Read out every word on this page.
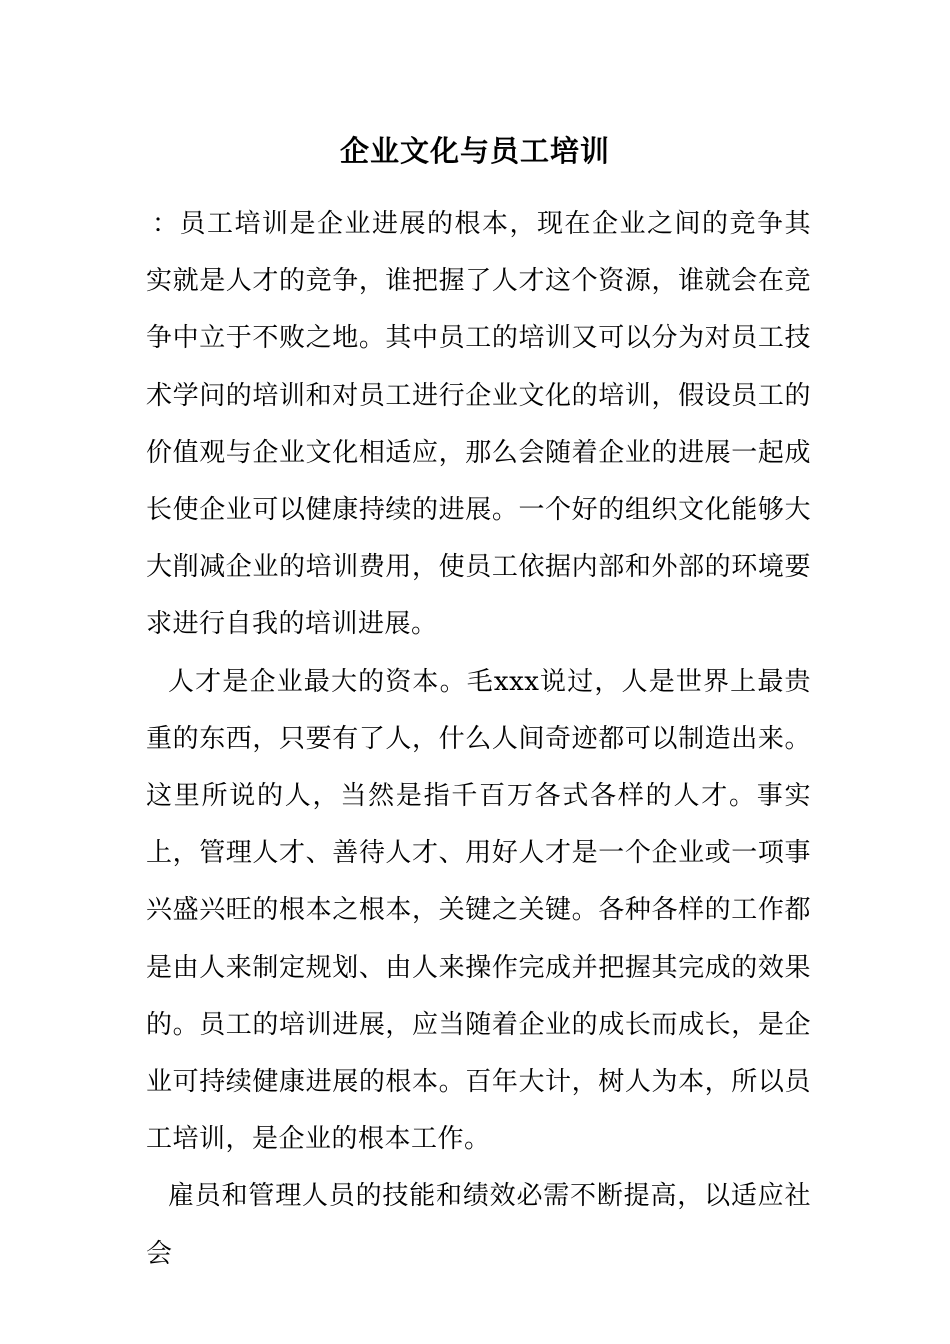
企业文化与员工培训

：员工培训是企业进展的根本，现在企业之间的竞争其实就是人才的竞争，谁把握了人才这个资源，谁就会在竞争中立于不败之地。其中员工的培训又可以分为对员工技术学问的培训和对员工进行企业文化的培训，假设员工的价值观与企业文化相适应，那么会随着企业的进展一起成长使企业可以健康持续的进展。一个好的组织文化能够大大削减企业的培训费用，使员工依据内部和外部的环境要求进行自我的培训进展。

人才是企业最大的资本。毛xxx说过，人是世界上最贵重的东西，只要有了人，什么人间奇迹都可以制造出来。这里所说的人，当然是指千百万各式各样的人才。事实上，管理人才、善待人才、用好人才是一个企业或一项事兴盛兴旺的根本之根本，关键之关键。各种各样的工作都是由人来制定规划、由人来操作完成并把握其完成的效果的。员工的培训进展，应当随着企业的成长而成长，是企业可持续健康进展的根本。百年大计，树人为本，所以员工培训，是企业的根本工作。

雇员和管理人员的技能和绩效必需不断提高，以适应社会
